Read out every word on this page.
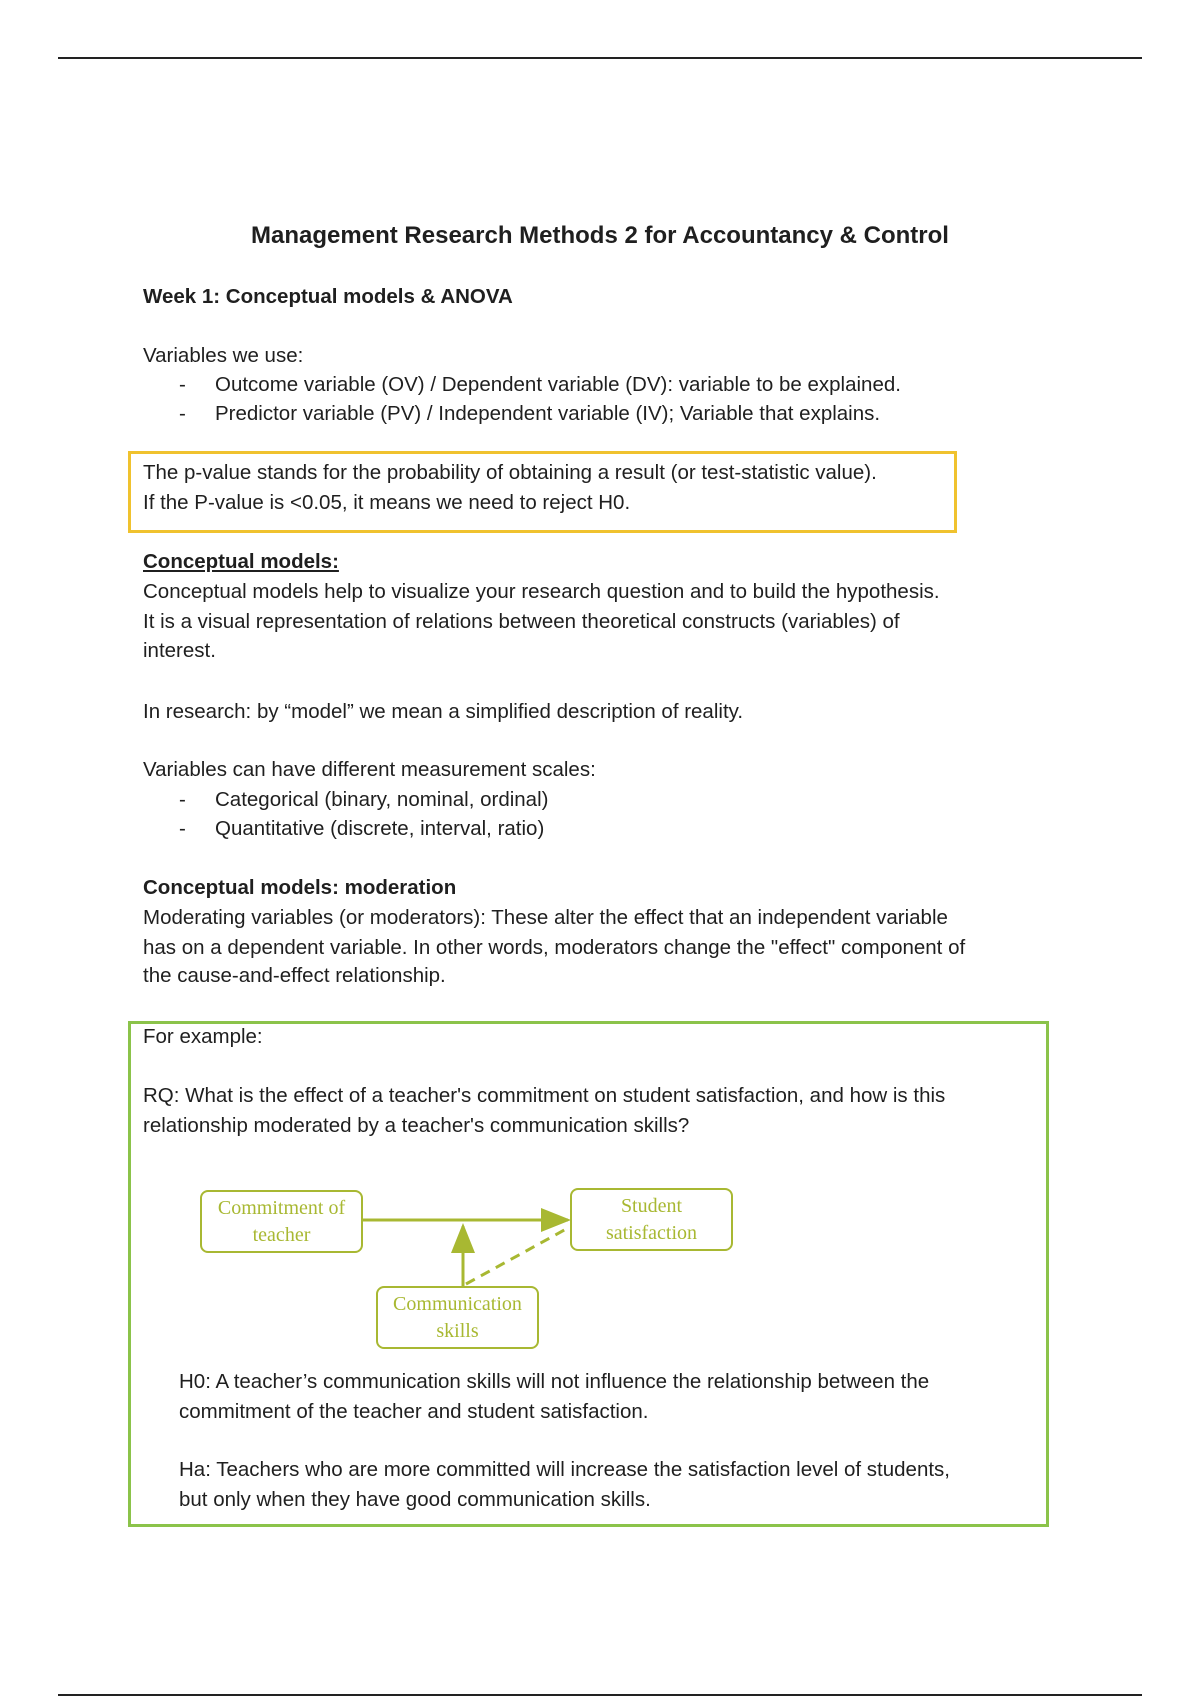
Management Research Methods 2 for Accountancy & Control

Week 1: Conceptual models & ANOVA

Variables we use:

- Outcome variable (OV) / Dependent variable (DV): variable to be explained.
- Predictor variable (PV) / Independent variable (IV); Variable that explains.

The p-value stands for the probability of obtaining a result (or test-statistic value).

If the P-value is <0.05, it means we need to reject H0.

Conceptual models:

Conceptual models help to visualize your research question and to build the hypothesis.

It is a visual representation of relations between theoretical constructs (variables) of

interest.

In research: by “model” we mean a simplified description of reality.

Variables can have different measurement scales:

- Categorical (binary, nominal, ordinal)
- Quantitative (discrete, interval, ratio)

Conceptual models: moderation

Moderating variables (or moderators): These alter the effect that an independent variable

has on a dependent variable. In other words, moderators change the "effect" component of

the cause-and-effect relationship.

For example:

RQ: What is the effect of a teacher's commitment on student satisfaction, and how is this

relationship moderated by a teacher's communication skills?

Commitment of
teacher
Student
satisfaction
Communication
skills

H0: A teacher’s communication skills will not influence the relationship between the

commitment of the teacher and student satisfaction.

Ha: Teachers who are more committed will increase the satisfaction level of students,

but only when they have good communication skills.
